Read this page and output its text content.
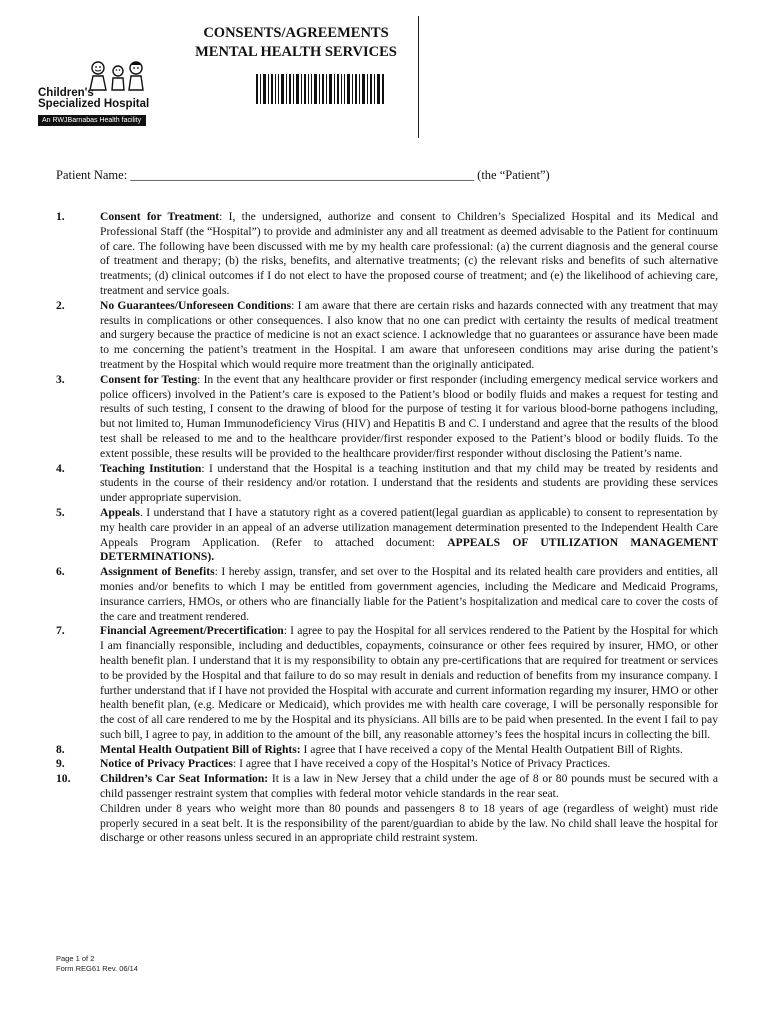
Children's
Specialized Hospital
An RWJBarnabas Health facility
CONSENTS/AGREEMENTS
MENTAL HEALTH SERVICES
Patient Name: _______________________________________________________ (the “Patient”)
1.	Consent for Treatment: I, the undersigned, authorize and consent to Children’s Specialized Hospital and its Medical and Professional Staff (the “Hospital”) to provide and administer any and all treatment as deemed advisable to the Patient for continuum of care. The following have been discussed with me by my health care professional: (a) the current diagnosis and the general course of treatment and therapy; (b) the risks, benefits, and alternative treatments; (c) the relevant risks and benefits of such alternative treatments; (d) clinical outcomes if I do not elect to have the proposed course of treatment; and (e) the likelihood of achieving care, treatment and service goals.

2.	No Guarantees/Unforeseen Conditions: I am aware that there are certain risks and hazards connected with any treatment that may results in complications or other consequences. I also know that no one can predict with certainty the results of medical treatment and surgery because the practice of medicine is not an exact science. I acknowledge that no guarantees or assurance have been made to me concerning the patient’s treatment in the Hospital. I am aware that unforeseen conditions may arise during the patient’s treatment by the Hospital which would require more treatment than the originally anticipated.

3.	Consent for Testing: In the event that any healthcare provider or first responder (including emergency medical service workers and police officers) involved in the Patient’s care is exposed to the Patient’s blood or bodily fluids and makes a request for testing and results of such testing, I consent to the drawing of blood for the purpose of testing it for various blood-borne pathogens including, but not limited to, Human Immunodeficiency Virus (HIV) and Hepatitis B and C. I understand and agree that the results of the blood test shall be released to me and to the healthcare provider/first responder exposed to the Patient’s blood or bodily fluids. To the extent possible, these results will be provided to the healthcare provider/first responder without disclosing the Patient’s name.

4.	Teaching Institution: I understand that the Hospital is a teaching institution and that my child may be treated by residents and students in the course of their residency and/or rotation. I understand that the residents and students are providing these services under appropriate supervision.

5.	Appeals. I understand that I have a statutory right as a covered patient(legal guardian as applicable) to consent to representation by my health care provider in an appeal of an adverse utilization management determination presented to the Independent Health Care Appeals Program Application. (Refer to attached document: APPEALS OF UTILIZATION MANAGEMENT DETERMINATIONS).

6.	Assignment of Benefits: I hereby assign, transfer, and set over to the Hospital and its related health care providers and entities, all monies and/or benefits to which I may be entitled from government agencies, including the Medicare and Medicaid Programs, insurance carriers, HMOs, or others who are financially liable for the Patient’s hospitalization and medical care to cover the costs of the care and treatment rendered.

7.	Financial Agreement/Precertification: I agree to pay the Hospital for all services rendered to the Patient by the Hospital for which I am financially responsible, including and deductibles, copayments, coinsurance or other fees required by insurer, HMO, or other health benefit plan. I understand that it is my responsibility to obtain any pre-certifications that are required for treatment or services to be provided by the Hospital and that failure to do so may result in denials and reduction of benefits from my insurance company. I further understand that if I have not provided the Hospital with accurate and current information regarding my insurer, HMO or other health benefit plan, (e.g. Medicare or Medicaid), which provides me with health care coverage, I will be personally responsible for the cost of all care rendered to me by the Hospital and its physicians. All bills are to be paid when presented. In the event I fail to pay such bill, I agree to pay, in addition to the amount of the bill, any reasonable attorney’s fees the hospital incurs in collecting the bill.

8.	Mental Health Outpatient Bill of Rights: I agree that I have received a copy of the Mental Health Outpatient Bill of Rights.

9.	Notice of Privacy Practices: I agree that I have received a copy of the Hospital’s Notice of Privacy Practices.

10.	Children’s Car Seat Information: It is a law in New Jersey that a child under the age of 8 or 80 pounds must be secured with a child passenger restraint system that complies with federal motor vehicle standards in the rear seat.

Children under 8 years who weight more than 80 pounds and passengers 8 to 18 years of age (regardless of weight) must ride properly secured in a seat belt. It is the responsibility of the parent/guardian to abide by the law. No child shall leave the hospital for discharge or other reasons unless secured in an appropriate child restraint system.

Page 1 of 2
Form REG61 Rev. 06/14
